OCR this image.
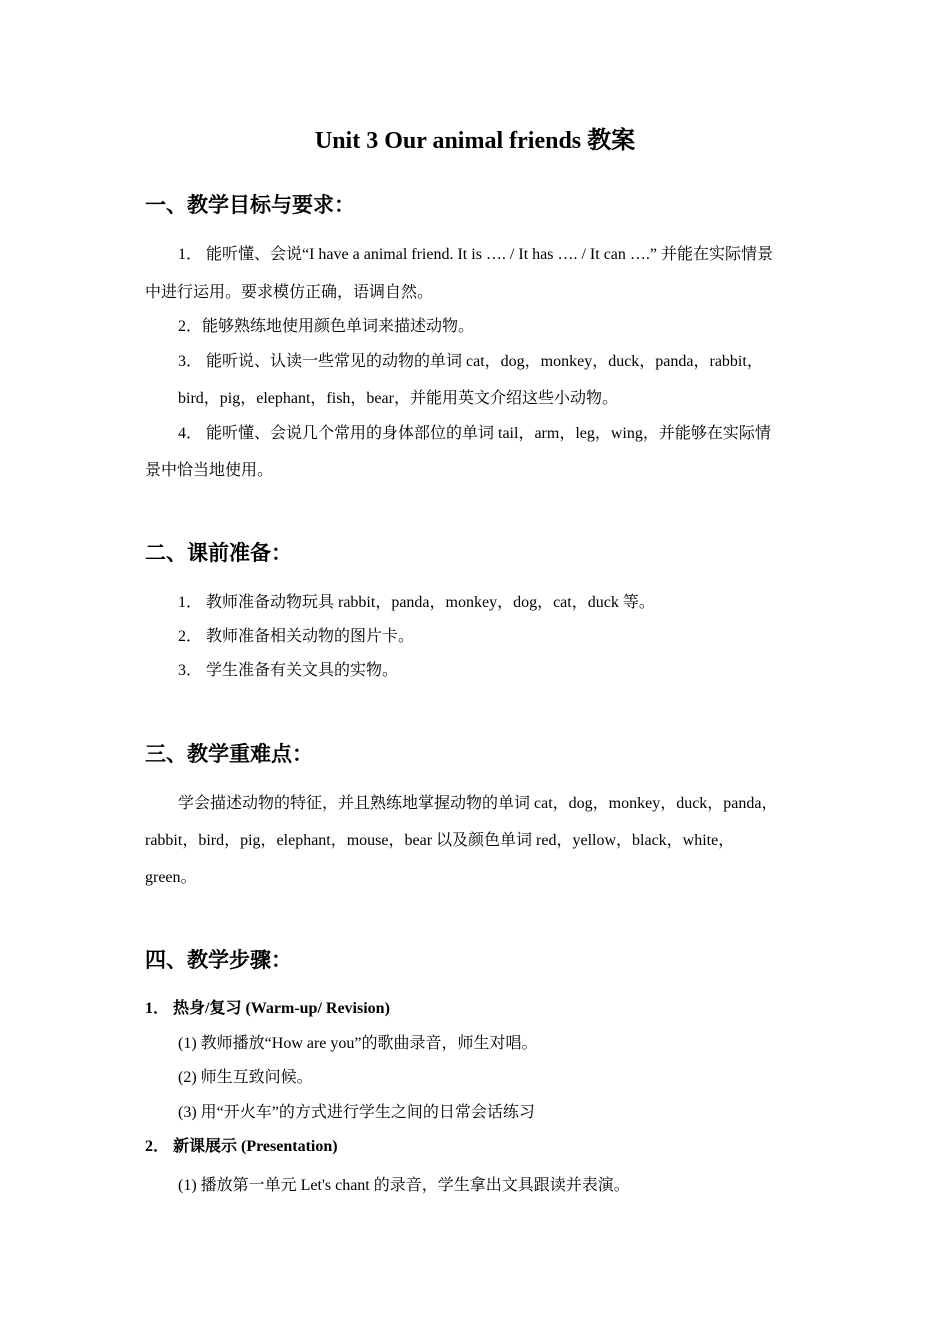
Unit 3 Our animal friends 教案
一、教学目标与要求：
1． 能听懂、会说“I have a animal friend. It is …. / It has …. / It can ….” 并能在实际情景
中进行运用。要求模仿正确，语调自然。
2．能够熟练地使用颜色单词来描述动物。
3． 能听说、认读一些常见的动物的单词 cat，dog，monkey，duck，panda，rabbit，
bird，pig，elephant，fish，bear，并能用英文介绍这些小动物。
4． 能听懂、会说几个常用的身体部位的单词 tail，arm，leg，wing，并能够在实际情
景中恰当地使用。
二、课前准备：
1． 教师准备动物玩具 rabbit，panda，monkey，dog，cat，duck 等。
2． 教师准备相关动物的图片卡。
3． 学生准备有关文具的实物。
三、教学重难点：
学会描述动物的特征，并且熟练地掌握动物的单词 cat，dog，monkey，duck，panda，
rabbit，bird，pig，elephant，mouse，bear 以及颜色单词 red，yellow，black，white，
green。
四、教学步骤：
1． 热身/复习 (Warm-up/ Revision)
(1) 教师播放“How are you”的歌曲录音，师生对唱。
(2) 师生互致问候。
(3) 用“开火车”的方式进行学生之间的日常会话练习
2． 新课展示 (Presentation)
(1) 播放第一单元 Let's chant 的录音，学生拿出文具跟读并表演。
